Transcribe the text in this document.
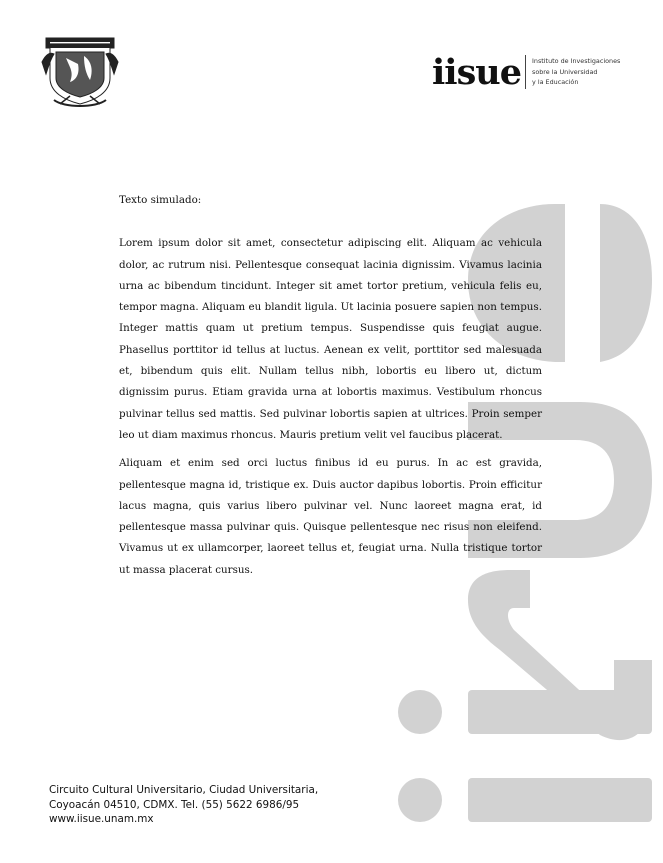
iisue Instituto de Investigaciones
sobre la Universidad
y la Educación
Texto simulado:

Lorem ipsum dolor sit amet, consectetur adipiscing elit. Aliquam ac vehicula dolor, ac rutrum nisi. Pellentesque consequat lacinia dignissim. Vivamus lacinia urna ac bibendum tincidunt. Integer sit amet tortor pretium, vehicula felis eu, tempor magna. Aliquam eu blandit ligula. Ut lacinia posuere sapien non tempus. Integer mattis quam ut pretium tempus. Suspendisse quis feugiat augue. Phasellus porttitor id tellus at luctus. Aenean ex velit, porttitor sed malesuada et, bibendum quis elit. Nullam tellus nibh, lobortis eu libero ut, dictum dignissim purus. Etiam gravida urna at lobortis maximus. Vestibulum rhoncus pulvinar tellus sed mattis. Sed pulvinar lobortis sapien at ultrices. Proin semper leo ut diam maximus rhoncus. Mauris pretium velit vel faucibus placerat.

Aliquam et enim sed orci luctus finibus id eu purus. In ac est gravida, pellentesque magna id, tristique ex. Duis auctor dapibus lobortis. Proin efficitur lacus magna, quis varius libero pulvinar vel. Nunc laoreet magna erat, id pellentesque massa pulvinar quis. Quisque pellentesque nec risus non eleifend. Vivamus ut ex ullamcorper, laoreet tellus et, feugiat urna. Nulla tristique tortor ut massa placerat cursus.

Circuito Cultural Universitario, Ciudad Universitaria,
Coyoacán 04510, CDMX. Tel. (55) 5622 6986/95
www.iisue.unam.mx
